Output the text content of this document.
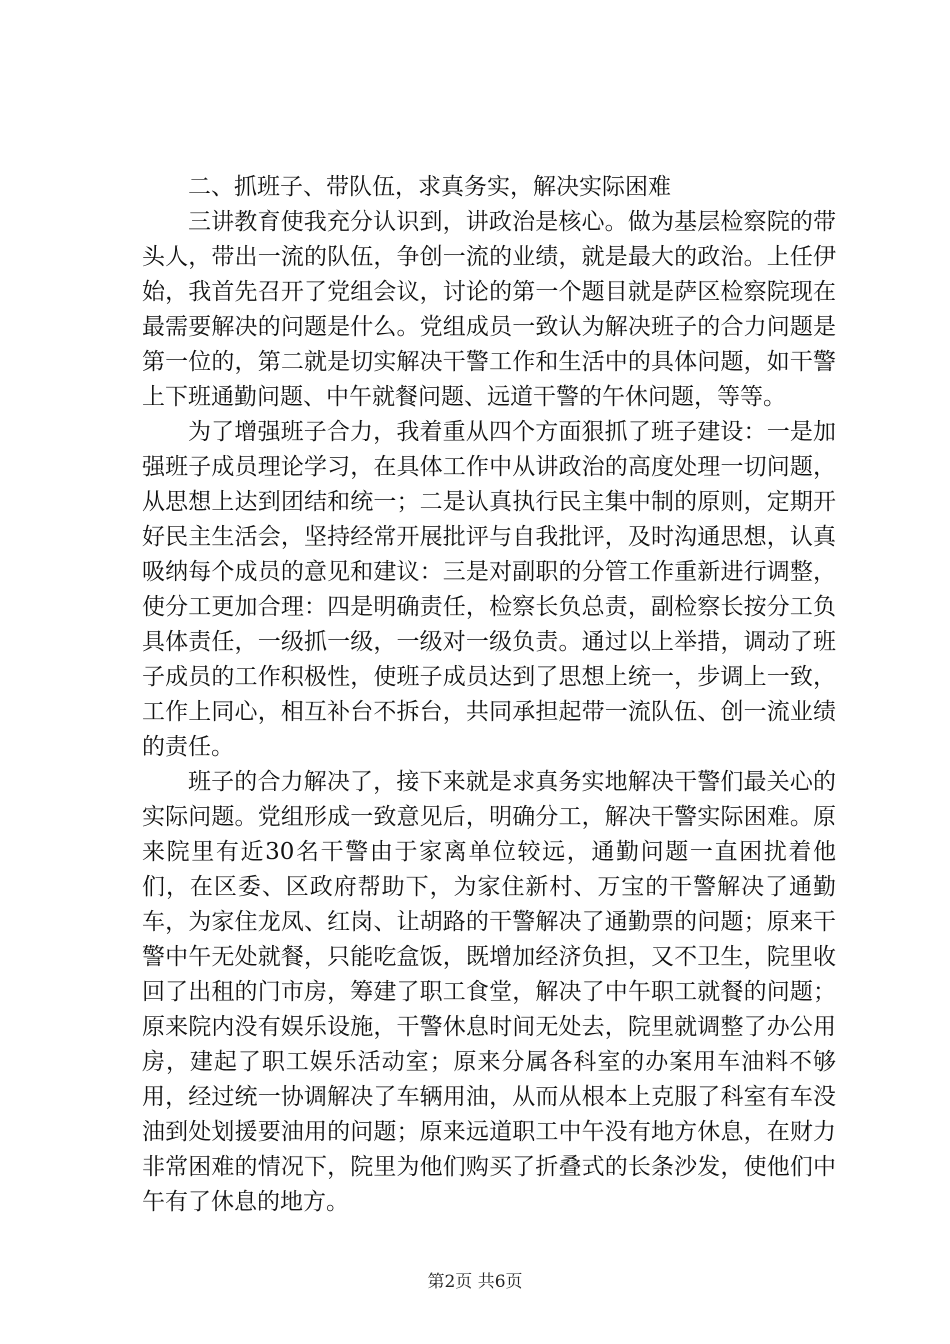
二、抓班子、带队伍，求真务实，解决实际困难

三讲教育使我充分认识到，讲政治是核心。做为基层检察院的带头人，带出一流的队伍，争创一流的业绩，就是最大的政治。上任伊始，我首先召开了党组会议，讨论的第一个题目就是萨区检察院现在最需要解决的问题是什么。党组成员一致认为解决班子的合力问题是第一位的，第二就是切实解决干警工作和生活中的具体问题，如干警上下班通勤问题、中午就餐问题、远道干警的午休问题，等等。

为了增强班子合力，我着重从四个方面狠抓了班子建设：一是加强班子成员理论学习，在具体工作中从讲政治的高度处理一切问题，从思想上达到团结和统一；二是认真执行民主集中制的原则，定期开好民主生活会，坚持经常开展批评与自我批评，及时沟通思想，认真吸纳每个成员的意见和建议：三是对副职的分管工作重新进行调整，使分工更加合理：四是明确责任，检察长负总责，副检察长按分工负具体责任，一级抓一级，一级对一级负责。通过以上举措，调动了班子成员的工作积极性，使班子成员达到了思想上统一，步调上一致，工作上同心，相互补台不拆台，共同承担起带一流队伍、创一流业绩的责任。

班子的合力解决了，接下来就是求真务实地解决干警们最关心的实际问题。党组形成一致意见后，明确分工，解决干警实际困难。原来院里有近30名干警由于家离单位较远，通勤问题一直困扰着他们，在区委、区政府帮助下，为家住新村、万宝的干警解决了通勤车，为家住龙凤、红岗、让胡路的干警解决了通勤票的问题；原来干警中午无处就餐，只能吃盒饭，既增加经济负担，又不卫生，院里收回了出租的门市房，筹建了职工食堂，解决了中午职工就餐的问题；原来院内没有娱乐设施，干警休息时间无处去，院里就调整了办公用房，建起了职工娱乐活动室；原来分属各科室的办案用车油料不够用，经过统一协调解决了车辆用油，从而从根本上克服了科室有车没油到处划援要油用的问题；原来远道职工中午没有地方休息，在财力非常困难的情况下，院里为他们购买了折叠式的长条沙发，使他们中午有了休息的地方。

第2页 共6页
